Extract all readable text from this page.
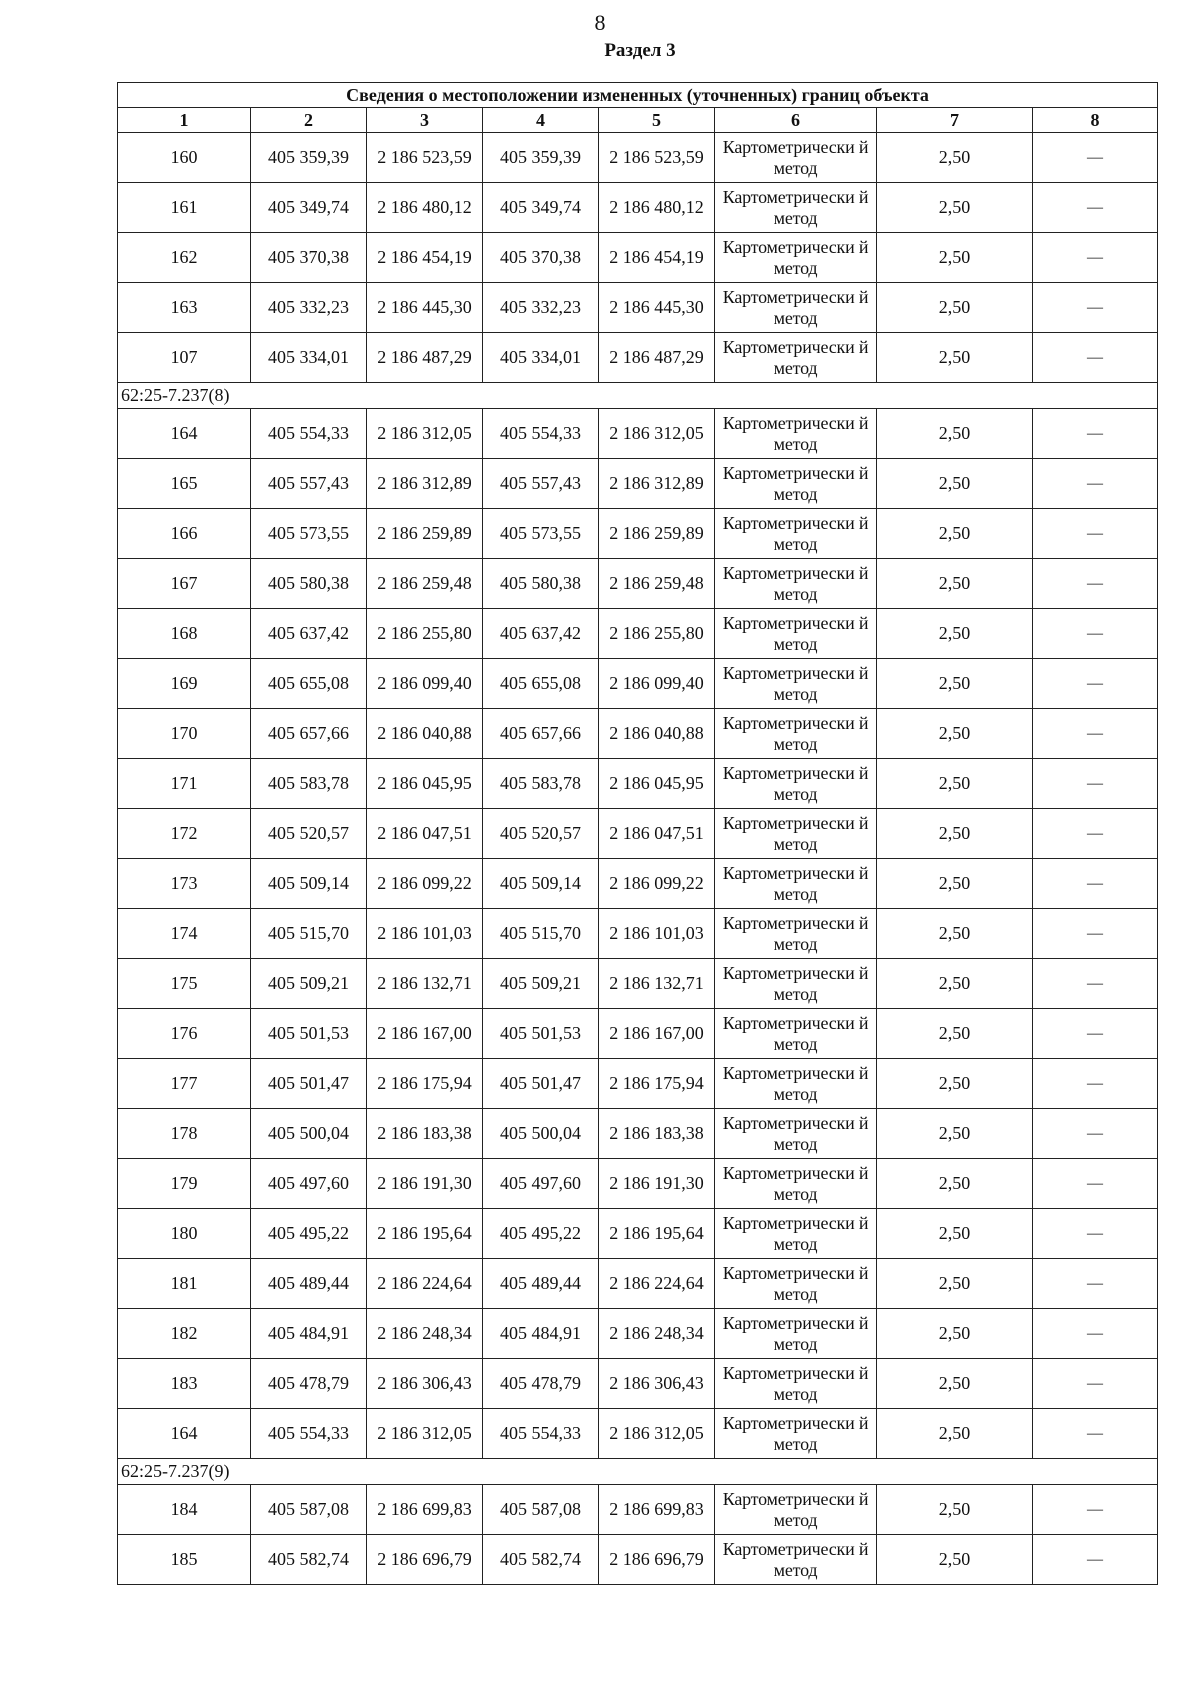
8
Раздел 3
Сведения о местоположении измененных (уточненных) границ объекта							
1	2	3	4	5	6	7	8
160	405 359,39	2 186 523,59	405 359,39	2 186 523,59	Картометрически й метод	2,50	—
161	405 349,74	2 186 480,12	405 349,74	2 186 480,12	Картометрически й метод	2,50	—
162	405 370,38	2 186 454,19	405 370,38	2 186 454,19	Картометрически й метод	2,50	—
163	405 332,23	2 186 445,30	405 332,23	2 186 445,30	Картометрически й метод	2,50	—
107	405 334,01	2 186 487,29	405 334,01	2 186 487,29	Картометрически й метод	2,50	—
62:25-7.237(8)							
164	405 554,33	2 186 312,05	405 554,33	2 186 312,05	Картометрически й метод	2,50	—
165	405 557,43	2 186 312,89	405 557,43	2 186 312,89	Картометрически й метод	2,50	—
166	405 573,55	2 186 259,89	405 573,55	2 186 259,89	Картометрически й метод	2,50	—
167	405 580,38	2 186 259,48	405 580,38	2 186 259,48	Картометрически й метод	2,50	—
168	405 637,42	2 186 255,80	405 637,42	2 186 255,80	Картометрически й метод	2,50	—
169	405 655,08	2 186 099,40	405 655,08	2 186 099,40	Картометрически й метод	2,50	—
170	405 657,66	2 186 040,88	405 657,66	2 186 040,88	Картометрически й метод	2,50	—
171	405 583,78	2 186 045,95	405 583,78	2 186 045,95	Картометрически й метод	2,50	—
172	405 520,57	2 186 047,51	405 520,57	2 186 047,51	Картометрически й метод	2,50	—
173	405 509,14	2 186 099,22	405 509,14	2 186 099,22	Картометрически й метод	2,50	—
174	405 515,70	2 186 101,03	405 515,70	2 186 101,03	Картометрически й метод	2,50	—
175	405 509,21	2 186 132,71	405 509,21	2 186 132,71	Картометрически й метод	2,50	—
176	405 501,53	2 186 167,00	405 501,53	2 186 167,00	Картометрически й метод	2,50	—
177	405 501,47	2 186 175,94	405 501,47	2 186 175,94	Картометрически й метод	2,50	—
178	405 500,04	2 186 183,38	405 500,04	2 186 183,38	Картометрически й метод	2,50	—
179	405 497,60	2 186 191,30	405 497,60	2 186 191,30	Картометрически й метод	2,50	—
180	405 495,22	2 186 195,64	405 495,22	2 186 195,64	Картометрически й метод	2,50	—
181	405 489,44	2 186 224,64	405 489,44	2 186 224,64	Картометрически й метод	2,50	—
182	405 484,91	2 186 248,34	405 484,91	2 186 248,34	Картометрически й метод	2,50	—
183	405 478,79	2 186 306,43	405 478,79	2 186 306,43	Картометрически й метод	2,50	—
164	405 554,33	2 186 312,05	405 554,33	2 186 312,05	Картометрически й метод	2,50	—
62:25-7.237(9)							
184	405 587,08	2 186 699,83	405 587,08	2 186 699,83	Картометрически й метод	2,50	—
185	405 582,74	2 186 696,79	405 582,74	2 186 696,79	Картометрически й метод	2,50	—
